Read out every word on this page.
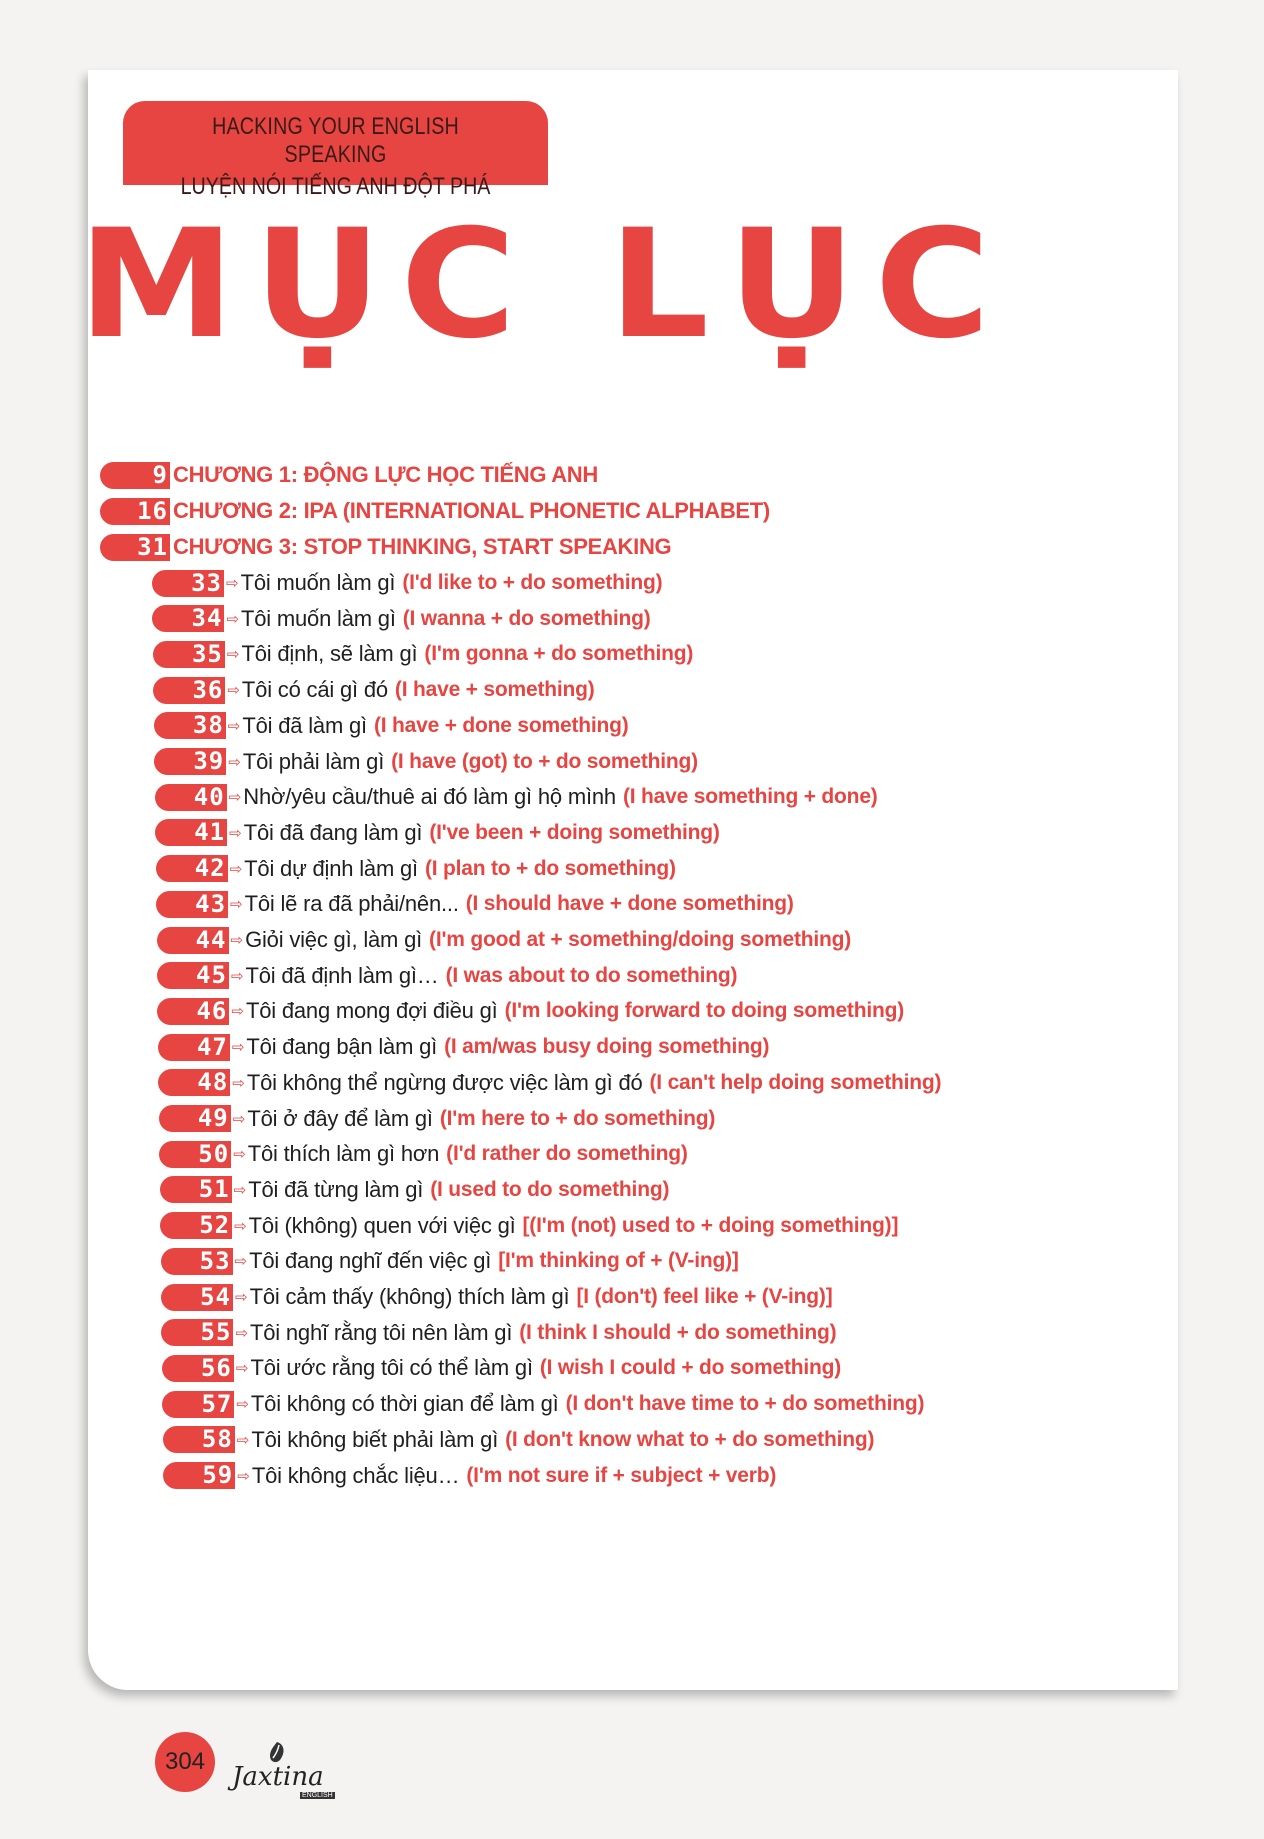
HACKING YOUR ENGLISH SPEAKING
LUYỆN NÓI TIẾNG ANH ĐỘT PHÁ
MỤC LỤC
9 CHƯƠNG 1: ĐỘNG LỰC HỌC TIẾNG ANH
16 CHƯƠNG 2: IPA (INTERNATIONAL PHONETIC ALPHABET)
31 CHƯƠNG 3: STOP THINKING, START SPEAKING
33 ⇨ Tôi muốn làm gì (I'd like to + do something)
34 ⇨ Tôi muốn làm gì (I wanna + do something)
35 ⇨ Tôi định, sẽ làm gì (I'm gonna + do something)
36 ⇨ Tôi có cái gì đó (I have + something)
38 ⇨ Tôi đã làm gì (I have + done something)
39 ⇨ Tôi phải làm gì (I have (got) to + do something)
40 ⇨ Nhờ/yêu cầu/thuê ai đó làm gì hộ mình (I have something + done)
41 ⇨ Tôi đã đang làm gì (I've been + doing something)
42 ⇨ Tôi dự định làm gì (I plan to + do something)
43 ⇨ Tôi lẽ ra đã phải/nên... (I should have + done something)
44 ⇨ Giỏi việc gì, làm gì (I'm good at + something/doing something)
45 ⇨ Tôi đã định làm gì… (I was about to do something)
46 ⇨ Tôi đang mong đợi điều gì (I'm looking forward to doing something)
47 ⇨ Tôi đang bận làm gì (I am/was busy doing something)
48 ⇨ Tôi không thể ngừng được việc làm gì đó (I can't help doing something)
49 ⇨ Tôi ở đây để làm gì (I'm here to + do something)
50 ⇨ Tôi thích làm gì hơn (I'd rather do something)
51 ⇨ Tôi đã từng làm gì (I used to do something)
52 ⇨ Tôi (không) quen với việc gì [(I'm (not) used to + doing something)]
53 ⇨ Tôi đang nghĩ đến việc gì [I'm thinking of + (V-ing)]
54 ⇨ Tôi cảm thấy (không) thích làm gì [I (don't) feel like + (V-ing)]
55 ⇨ Tôi nghĩ rằng tôi nên làm gì (I think I should + do something)
56 ⇨ Tôi ước rằng tôi có thể làm gì (I wish I could + do something)
57 ⇨ Tôi không có thời gian để làm gì (I don't have time to + do something)
58 ⇨ Tôi không biết phải làm gì (I don't know what to + do something)
59 ⇨ Tôi không chắc liệu… (I'm not sure if + subject + verb)
304
Jaxtina
ENGLISH
